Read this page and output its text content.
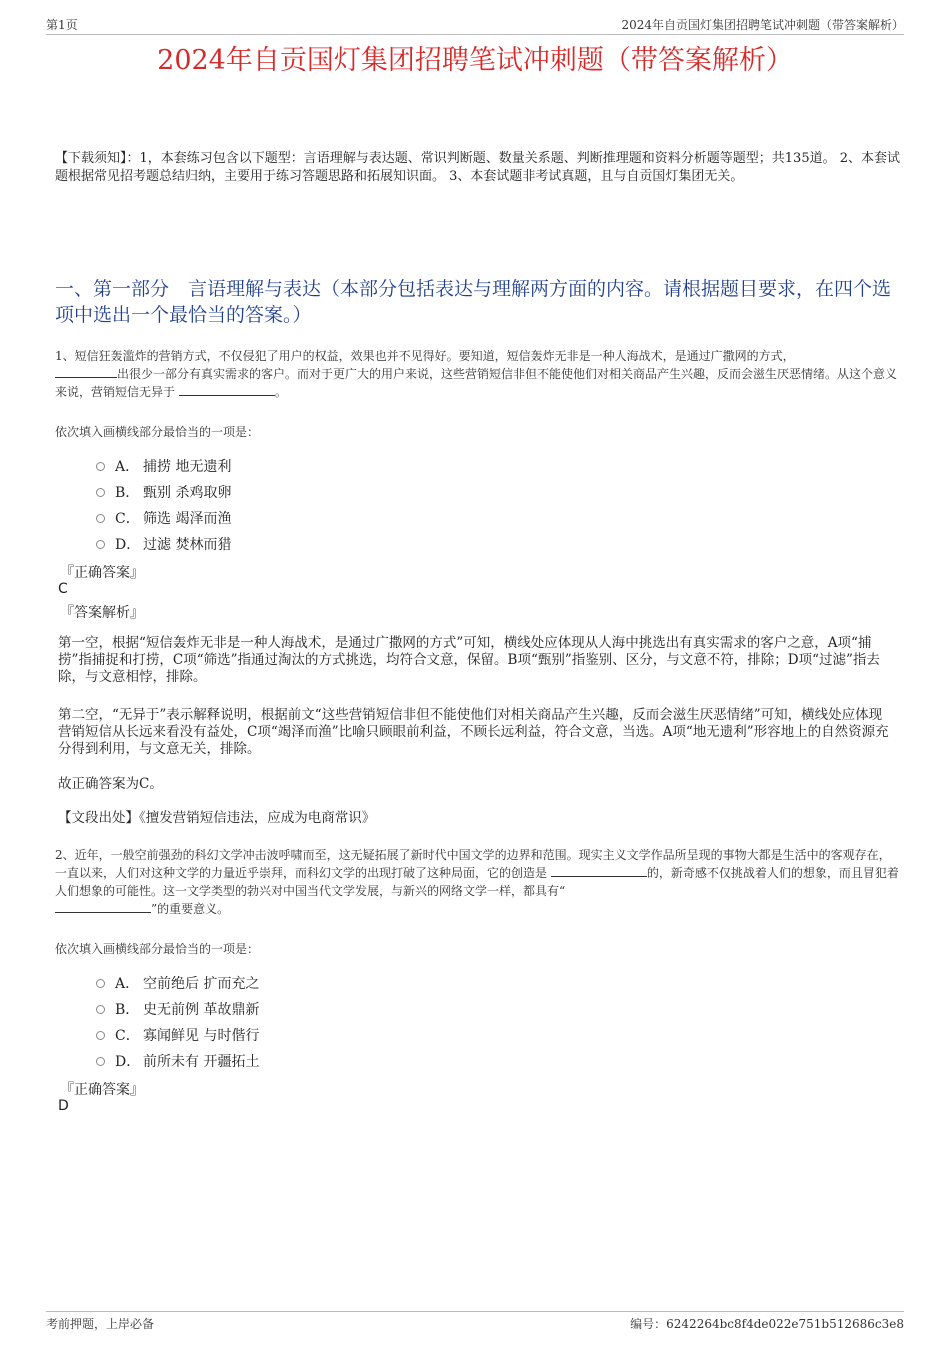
第1页	2024年自贡国灯集团招聘笔试冲刺题（带答案解析）
2024年自贡国灯集团招聘笔试冲刺题（带答案解析）
【下载须知】：1，本套练习包含以下题型：言语理解与表达题、常识判断题、数量关系题、判断推理题和资料分析题等题型；共135道。 2、本套试题根据常见招考题总结归纳，主要用于练习答题思路和拓展知识面。 3、本套试题非考试真题，且与自贡国灯集团无关。
一、第一部分　言语理解与表达（本部分包括表达与理解两方面的内容。请根据题目要求，在四个选项中选出一个最恰当的答案。）
1、短信狂轰滥炸的营销方式，不仅侵犯了用户的权益，效果也并不见得好。要知道，短信轰炸无非是一种人海战术，是通过广撒网的方式，
出很少一部分有真实需求的客户。而对于更广大的用户来说，这些营销短信非但不能使他们对相关商品产生兴趣，反而会滋生厌恶情绪。从这个意义来说，营销短信无异于	。
依次填入画横线部分最恰当的一项是：
A． 捕捞 地无遗利
B． 甄别 杀鸡取卵
C． 筛选 竭泽而渔
D． 过滤 焚林而猎
『正确答案』
C
『答案解析』
第一空，根据“短信轰炸无非是一种人海战术，是通过广撒网的方式”可知，横线处应体现从人海中挑选出有真实需求的客户之意，A项“捕捞”指捕捉和打捞，C项“筛选”指通过淘汰的方式挑选，均符合文意，保留。B项“甄别”指鉴别、区分，与文意不符，排除；D项“过滤”指去除，与文意相悖，排除。
第二空，“无异于”表示解释说明，根据前文“这些营销短信非但不能使他们对相关商品产生兴趣，反而会滋生厌恶情绪”可知，横线处应体现营销短信从长远来看没有益处，C项“竭泽而渔”比喻只顾眼前利益，不顾长远利益，符合文意，当选。A项“地无遗利”形容地上的自然资源充分得到利用，与文意无关，排除。
故正确答案为C。
【文段出处】《擅发营销短信违法，应成为电商常识》
2、近年，一般空前强劲的科幻文学冲击波呼啸而至，这无疑拓展了新时代中国文学的边界和范围。现实主义文学作品所呈现的事物大都是生活中的客观存在，一直以来，人们对这种文学的力量近乎崇拜，而科幻文学的出现打破了这种局面，它的创造是	的，新奇感不仅挑战着人们的想象，而且冒犯着人们想象的可能性。这一文学类型的勃兴对中国当代文学发展，与新兴的网络文学一样，都具有“
”的重要意义。
依次填入画横线部分最恰当的一项是：
A． 空前绝后 扩而充之
B． 史无前例 革故鼎新
C． 寡闻鲜见 与时偕行
D． 前所未有 开疆拓土
『正确答案』
D
考前押题，上岸必备	编号：6242264bc8f4de022e751b512686c3e8
